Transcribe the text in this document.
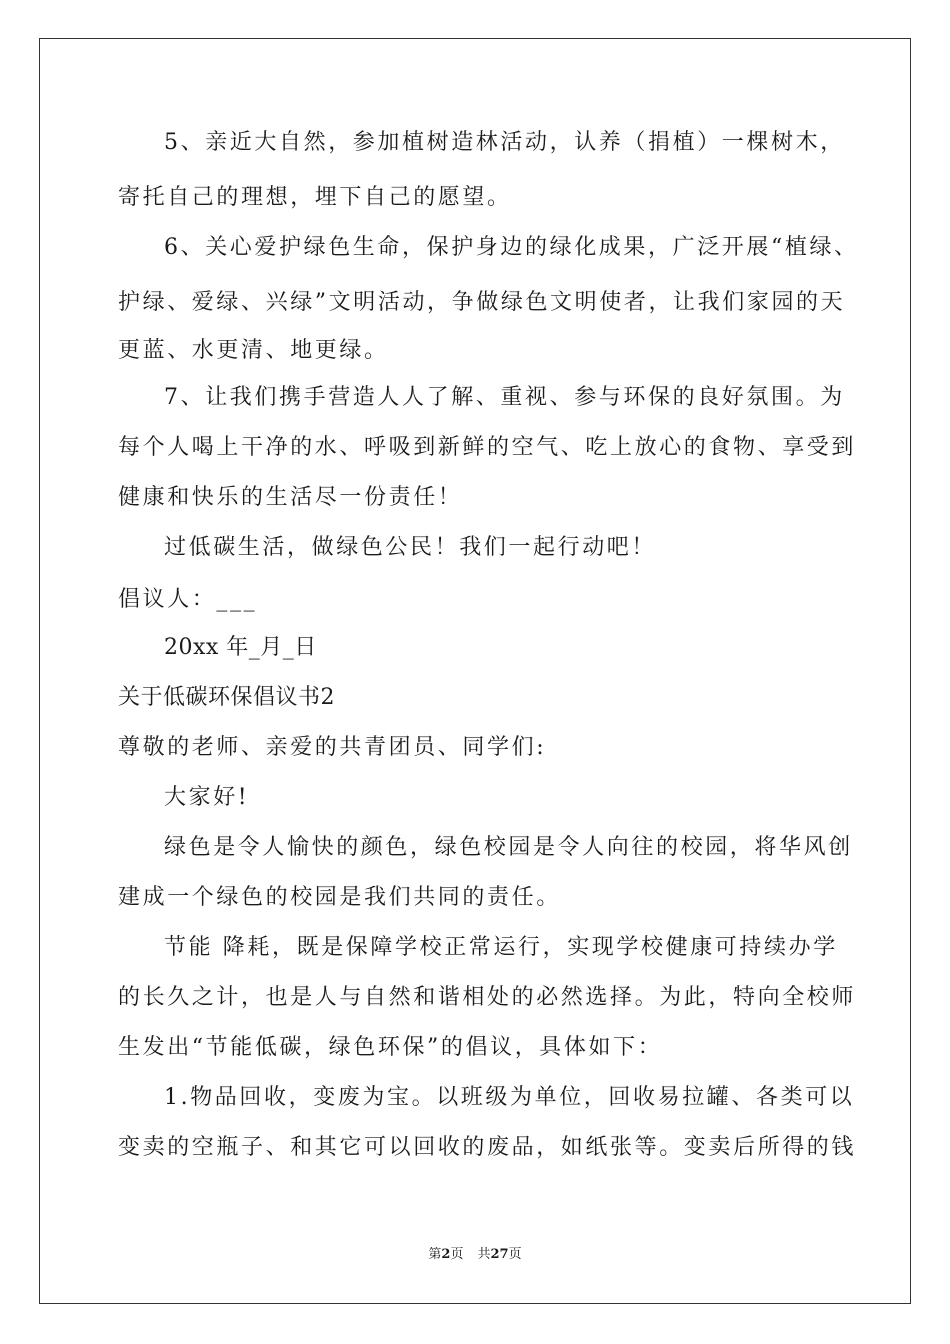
5、亲近大自然，参加植树造林活动，认养（捐植）一棵树木，
寄托自己的理想，埋下自己的愿望。
6、关心爱护绿色生命，保护身边的绿化成果，广泛开展“植绿、
护绿、爱绿、兴绿”文明活动，争做绿色文明使者，让我们家园的天
更蓝、水更清、地更绿。
7、让我们携手营造人人了解、重视、参与环保的良好氛围。为
每个人喝上干净的水、呼吸到新鲜的空气、吃上放心的食物、享受到
健康和快乐的生活尽一份责任！
过低碳生活，做绿色公民！我们一起行动吧！
倡议人：___
20xx 年_月_日
关于低碳环保倡议书2
尊敬的老师、亲爱的共青团员、同学们:
大家好!
绿色是令人愉快的颜色，绿色校园是令人向往的校园，将华风创
建成一个绿色的校园是我们共同的责任。
节能 降耗，既是保障学校正常运行，实现学校健康可持续办学
的长久之计，也是人与自然和谐相处的必然选择。为此，特向全校师
生发出“节能低碳，绿色环保”的倡议，具体如下：
1.物品回收，变废为宝。以班级为单位，回收易拉罐、各类可以
变卖的空瓶子、和其它可以回收的废品，如纸张等。变卖后所得的钱
第2页 共27页
